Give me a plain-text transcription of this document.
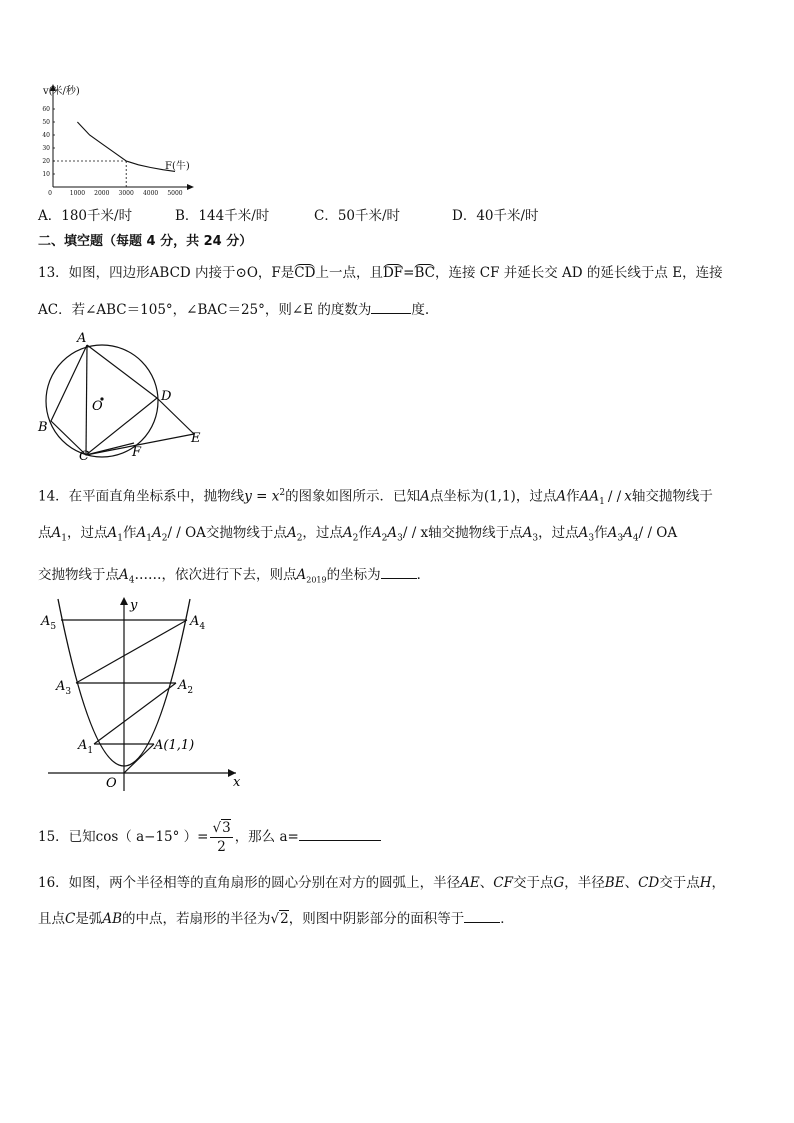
60
50
40
30
20
10
0	1000 2000 3000 4000 5000
v(米/秒)
F(牛)
A．180千米/时	B．144千米/时	C．50千米/时	D．40千米/时
二、填空题（每题 4 分，共 24 分）
13．如图，四边形ABCD 内接于⊙O，F是CD上一点，且DF=BC，连接 CF 并延长交 AD 的延长线于点 E，连接
AC．若∠ABC＝105°，∠BAC＝25°，则∠E 的度数为	度.
A
B
C
D
E
F
O
14．在平面直角坐标系中，抛物线$y = x^2$的图象如图所示．已知A点坐标为(1,1)，过点A作$AA_1$ / / x轴交抛物线于
点$A_1$，过点$A_1$作$A_1A_2/$ / OA交抛物线于点$A_2$，过点$A_2$作$A_2A_3/$ / x轴交抛物线于点$A_3$，过点$A_3$作$A_3A_4/$ / OA
交抛物线于点$A_4\dots\dots$，依次进行下去，则点$A_{2019}$的坐标为	．
y
x
O
$A_5$	$A_4$
$A_3$	$A_2$
$A_1$	A(1,1)
15．已知cos（ a−15° ）= $\frac{√3}{2}$ ，那么 a=
16．如图，两个半径相等的直角扇形的圆心分别在对方的圆弧上，半径AE、CF交于点G，半径BE、CD交于点H，
且点C是弧AB的中点，若扇形的半径为√2，则图中阴影部分的面积等于	．
